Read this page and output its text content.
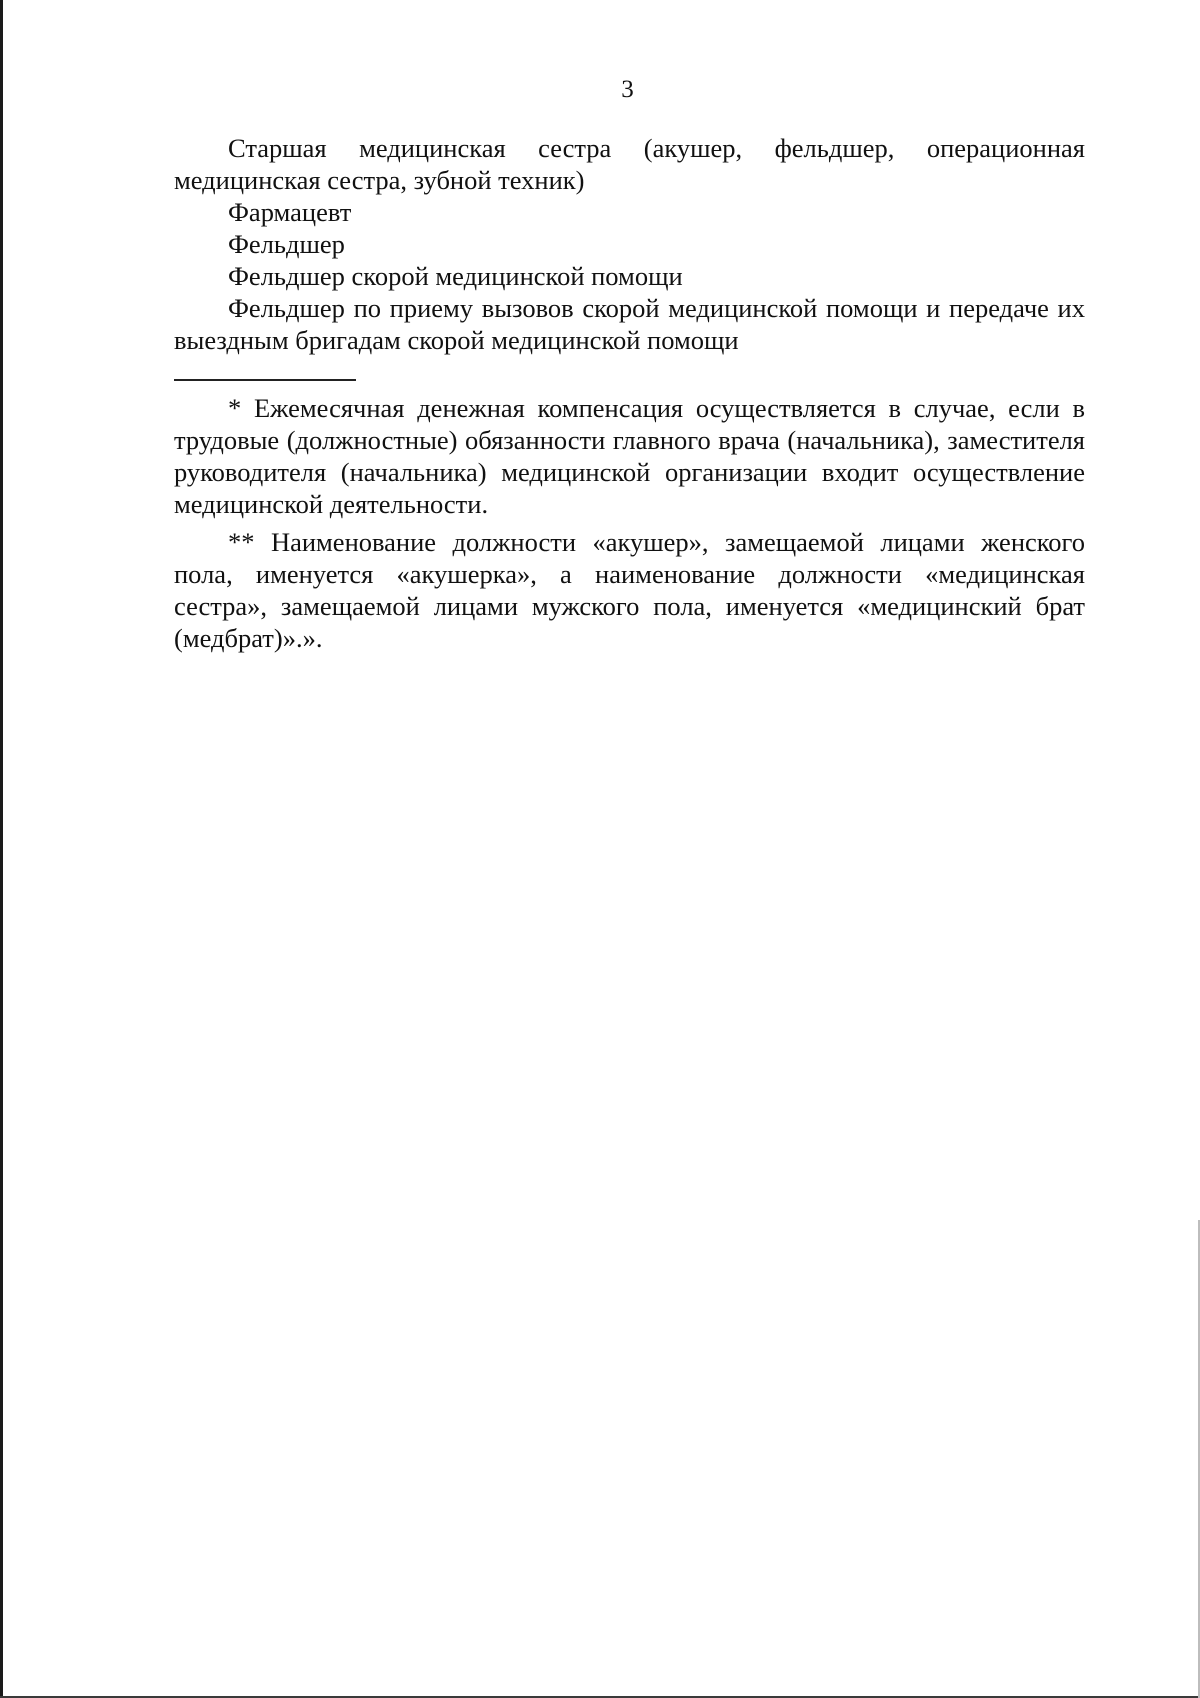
3

Старшая медицинская сестра (акушер, фельдшер, операционная медицинская сестра, зубной техник)

Фармацевт

Фельдшер

Фельдшер скорой медицинской помощи

Фельдшер по приему вызовов скорой медицинской помощи и передаче их выездным бригадам скорой медицинской помощи

* Ежемесячная денежная компенсация осуществляется в случае, если в трудовые (должностные) обязанности главного врача (начальника), заместителя руководителя (начальника) медицинской организации входит осуществление медицинской деятельности.

** Наименование должности «акушер», замещаемой лицами женского пола, именуется «акушерка», а наименование должности «медицинская сестра», замещаемой лицами мужского пола, именуется «медицинский брат (медбрат)».».
